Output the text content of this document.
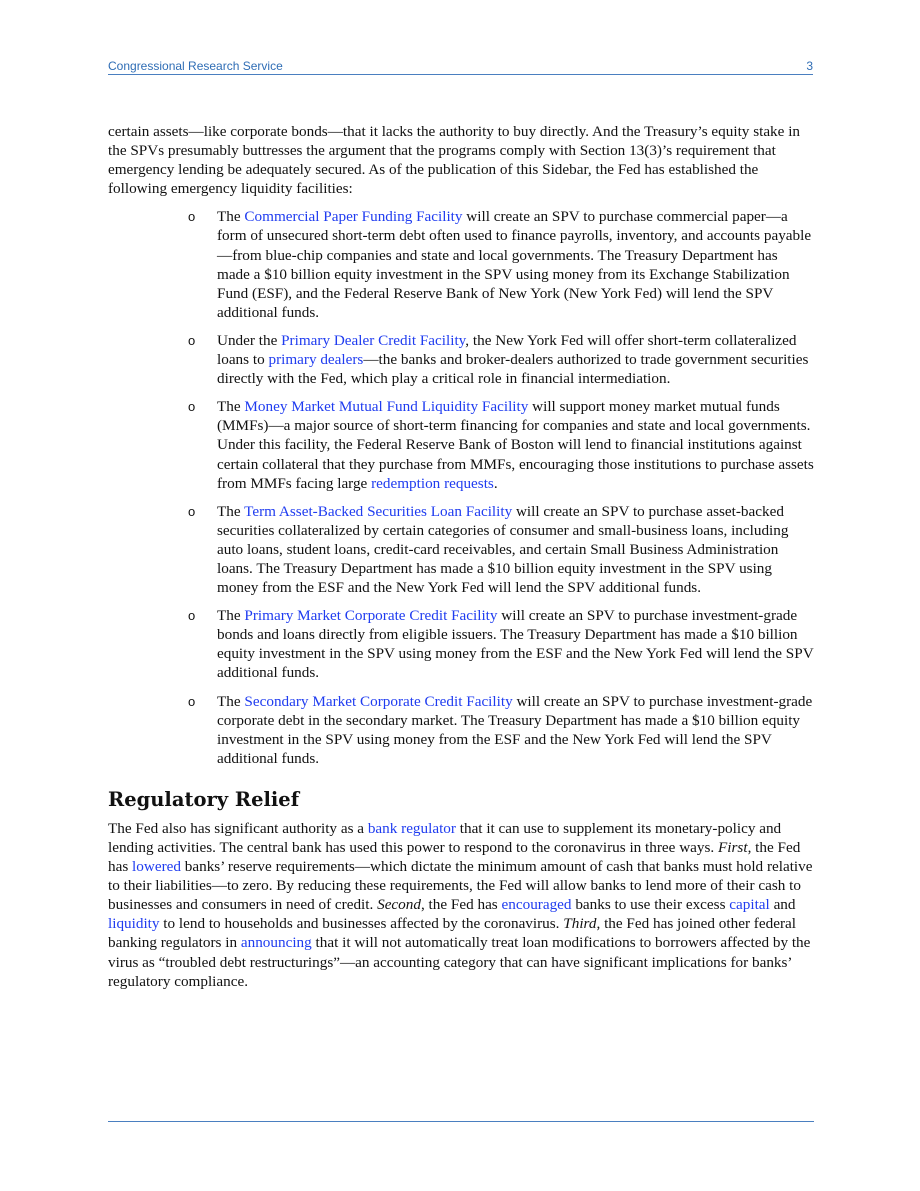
Congressional Research Service	3

certain assets—like corporate bonds—that it lacks the authority to buy directly. And the Treasury’s equity stake in the SPVs presumably buttresses the argument that the programs comply with Section 13(3)’s requirement that emergency lending be adequately secured. As of the publication of this Sidebar, the Fed has established the following emergency liquidity facilities:

o The Commercial Paper Funding Facility will create an SPV to purchase commercial paper—a form of unsecured short-term debt often used to finance payrolls, inventory, and accounts payable—from blue-chip companies and state and local governments. The Treasury Department has made a $10 billion equity investment in the SPV using money from its Exchange Stabilization Fund (ESF), and the Federal Reserve Bank of New York (New York Fed) will lend the SPV additional funds.
o Under the Primary Dealer Credit Facility, the New York Fed will offer short-term collateralized loans to primary dealers—the banks and broker-dealers authorized to trade government securities directly with the Fed, which play a critical role in financial intermediation.
o The Money Market Mutual Fund Liquidity Facility will support money market mutual funds (MMFs)—a major source of short-term financing for companies and state and local governments. Under this facility, the Federal Reserve Bank of Boston will lend to financial institutions against certain collateral that they purchase from MMFs, encouraging those institutions to purchase assets from MMFs facing large redemption requests.
o The Term Asset-Backed Securities Loan Facility will create an SPV to purchase asset-backed securities collateralized by certain categories of consumer and small-business loans, including auto loans, student loans, credit-card receivables, and certain Small Business Administration loans. The Treasury Department has made a $10 billion equity investment in the SPV using money from the ESF and the New York Fed will lend the SPV additional funds.
o The Primary Market Corporate Credit Facility will create an SPV to purchase investment-grade bonds and loans directly from eligible issuers. The Treasury Department has made a $10 billion equity investment in the SPV using money from the ESF and the New York Fed will lend the SPV additional funds.
o The Secondary Market Corporate Credit Facility will create an SPV to purchase investment-grade corporate debt in the secondary market. The Treasury Department has made a $10 billion equity investment in the SPV using money from the ESF and the New York Fed will lend the SPV additional funds.
Regulatory Relief

The Fed also has significant authority as a bank regulator that it can use to supplement its monetary-policy and lending activities. The central bank has used this power to respond to the coronavirus in three ways. First, the Fed has lowered banks’ reserve requirements—which dictate the minimum amount of cash that banks must hold relative to their liabilities—to zero. By reducing these requirements, the Fed will allow banks to lend more of their cash to businesses and consumers in need of credit. Second, the Fed has encouraged banks to use their excess capital and liquidity to lend to households and businesses affected by the coronavirus. Third, the Fed has joined other federal banking regulators in announcing that it will not automatically treat loan modifications to borrowers affected by the virus as “troubled debt restructurings”—an accounting category that can have significant implications for banks’ regulatory compliance.
